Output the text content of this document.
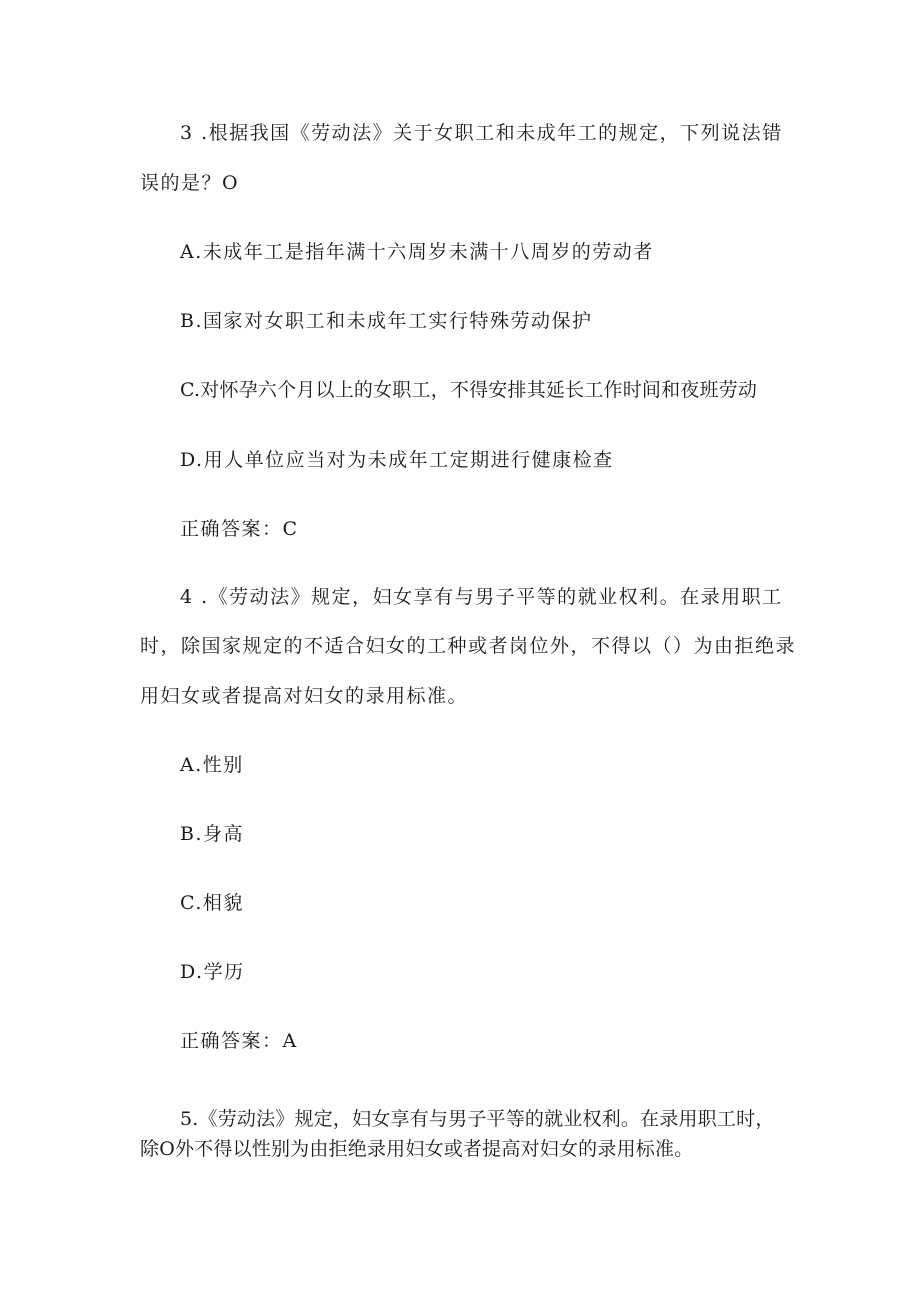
3 .根据我国《劳动法》关于女职工和未成年工的规定，下列说法错
误的是？O
A.未成年工是指年满十六周岁未满十八周岁的劳动者
B.国家对女职工和未成年工实行特殊劳动保护
C.对怀孕六个月以上的女职工，不得安排其延长工作时间和夜班劳动
D.用人单位应当对为未成年工定期进行健康检查
正确答案：C
4 .《劳动法》规定，妇女享有与男子平等的就业权利。在录用职工
时，除国家规定的不适合妇女的工种或者岗位外，不得以（）为由拒绝录
用妇女或者提高对妇女的录用标准。
A.性别
B.身高
C.相貌
D.学历
正确答案：A
5.《劳动法》规定，妇女享有与男子平等的就业权利。在录用职工时，
除O外不得以性别为由拒绝录用妇女或者提高对妇女的录用标准。
